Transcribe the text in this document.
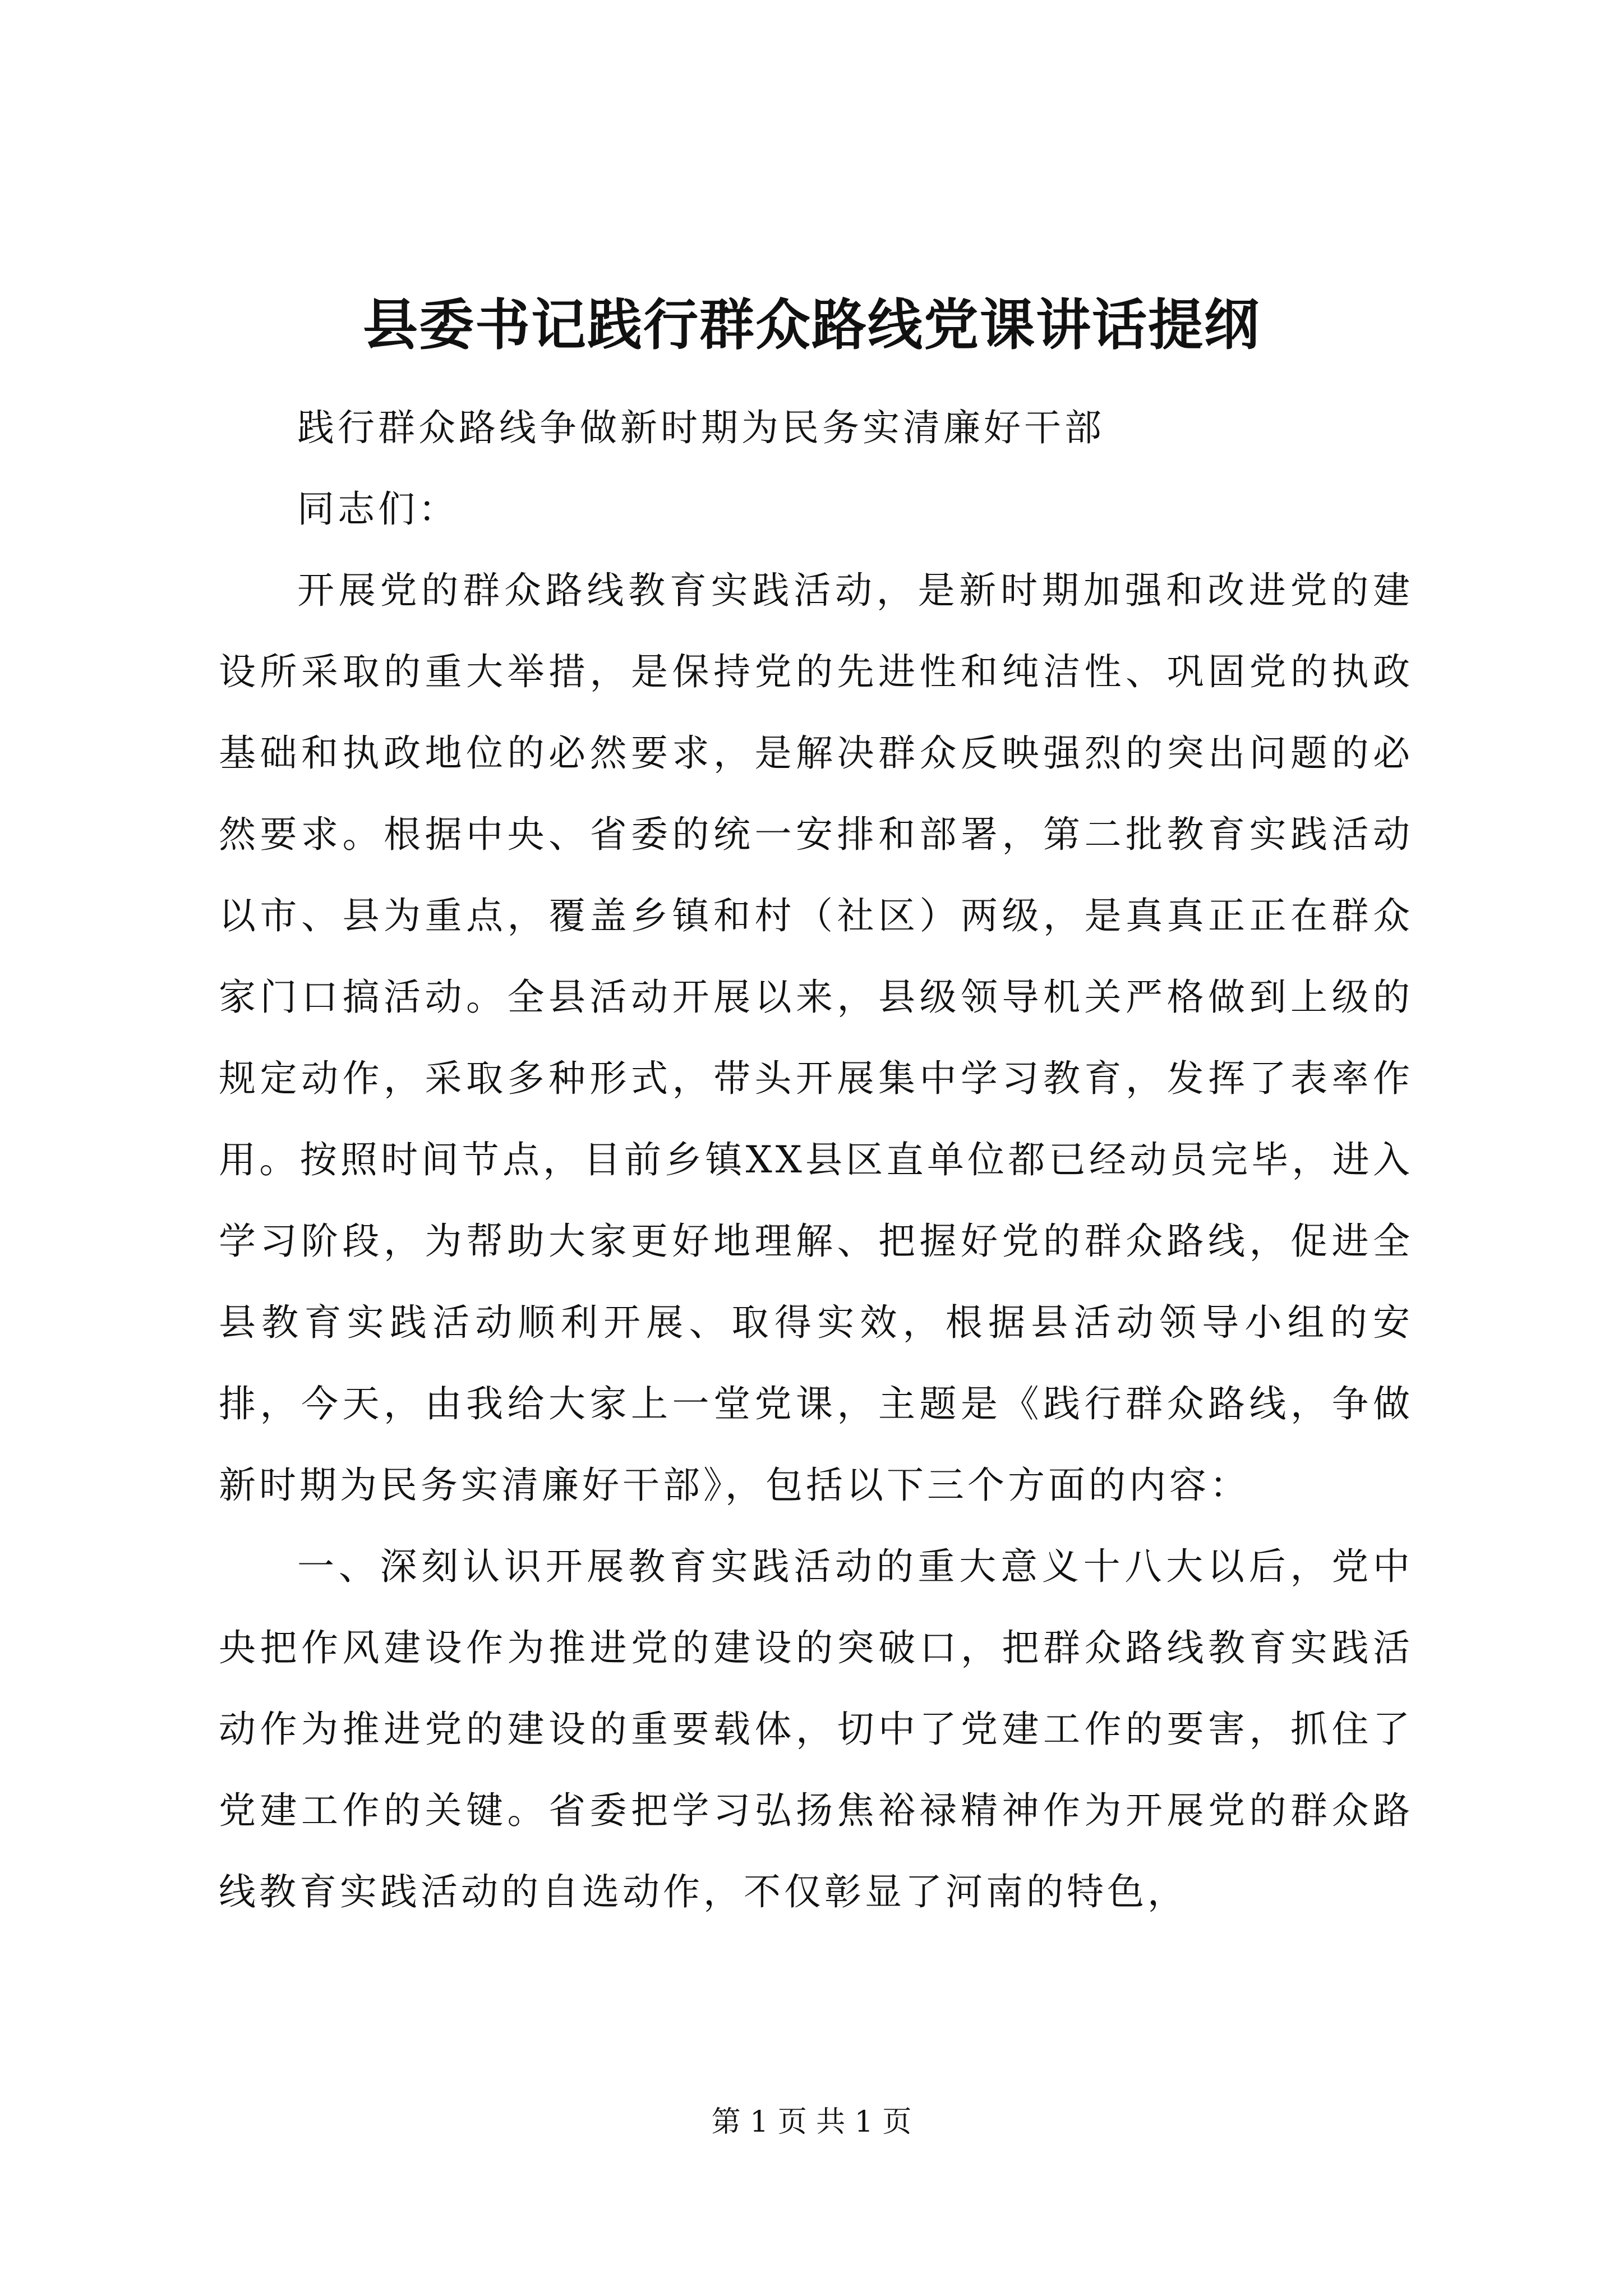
县委书记践行群众路线党课讲话提纲

践行群众路线争做新时期为民务实清廉好干部

同志们：

开展党的群众路线教育实践活动，是新时期加强和改进党的建设所采取的重大举措，是保持党的先进性和纯洁性、巩固党的执政基础和执政地位的必然要求，是解决群众反映强烈的突出问题的必然要求。根据中央、省委的统一安排和部署，第二批教育实践活动以市、县为重点，覆盖乡镇和村（社区）两级，是真真正正在群众家门口搞活动。全县活动开展以来，县级领导机关严格做到上级的规定动作，采取多种形式，带头开展集中学习教育，发挥了表率作用。按照时间节点，目前乡镇XX县区直单位都已经动员完毕，进入学习阶段，为帮助大家更好地理解、把握好党的群众路线，促进全县教育实践活动顺利开展、取得实效，根据县活动领导小组的安排，今天，由我给大家上一堂党课，主题是《践行群众路线，争做新时期为民务实清廉好干部》，包括以下三个方面的内容：

一、深刻认识开展教育实践活动的重大意义十八大以后，党中央把作风建设作为推进党的建设的突破口，把群众路线教育实践活动作为推进党的建设的重要载体，切中了党建工作的要害，抓住了党建工作的关键。省委把学习弘扬焦裕禄精神作为开展党的群众路线教育实践活动的自选动作，不仅彰显了河南的特色，

第 1 页 共 1 页
